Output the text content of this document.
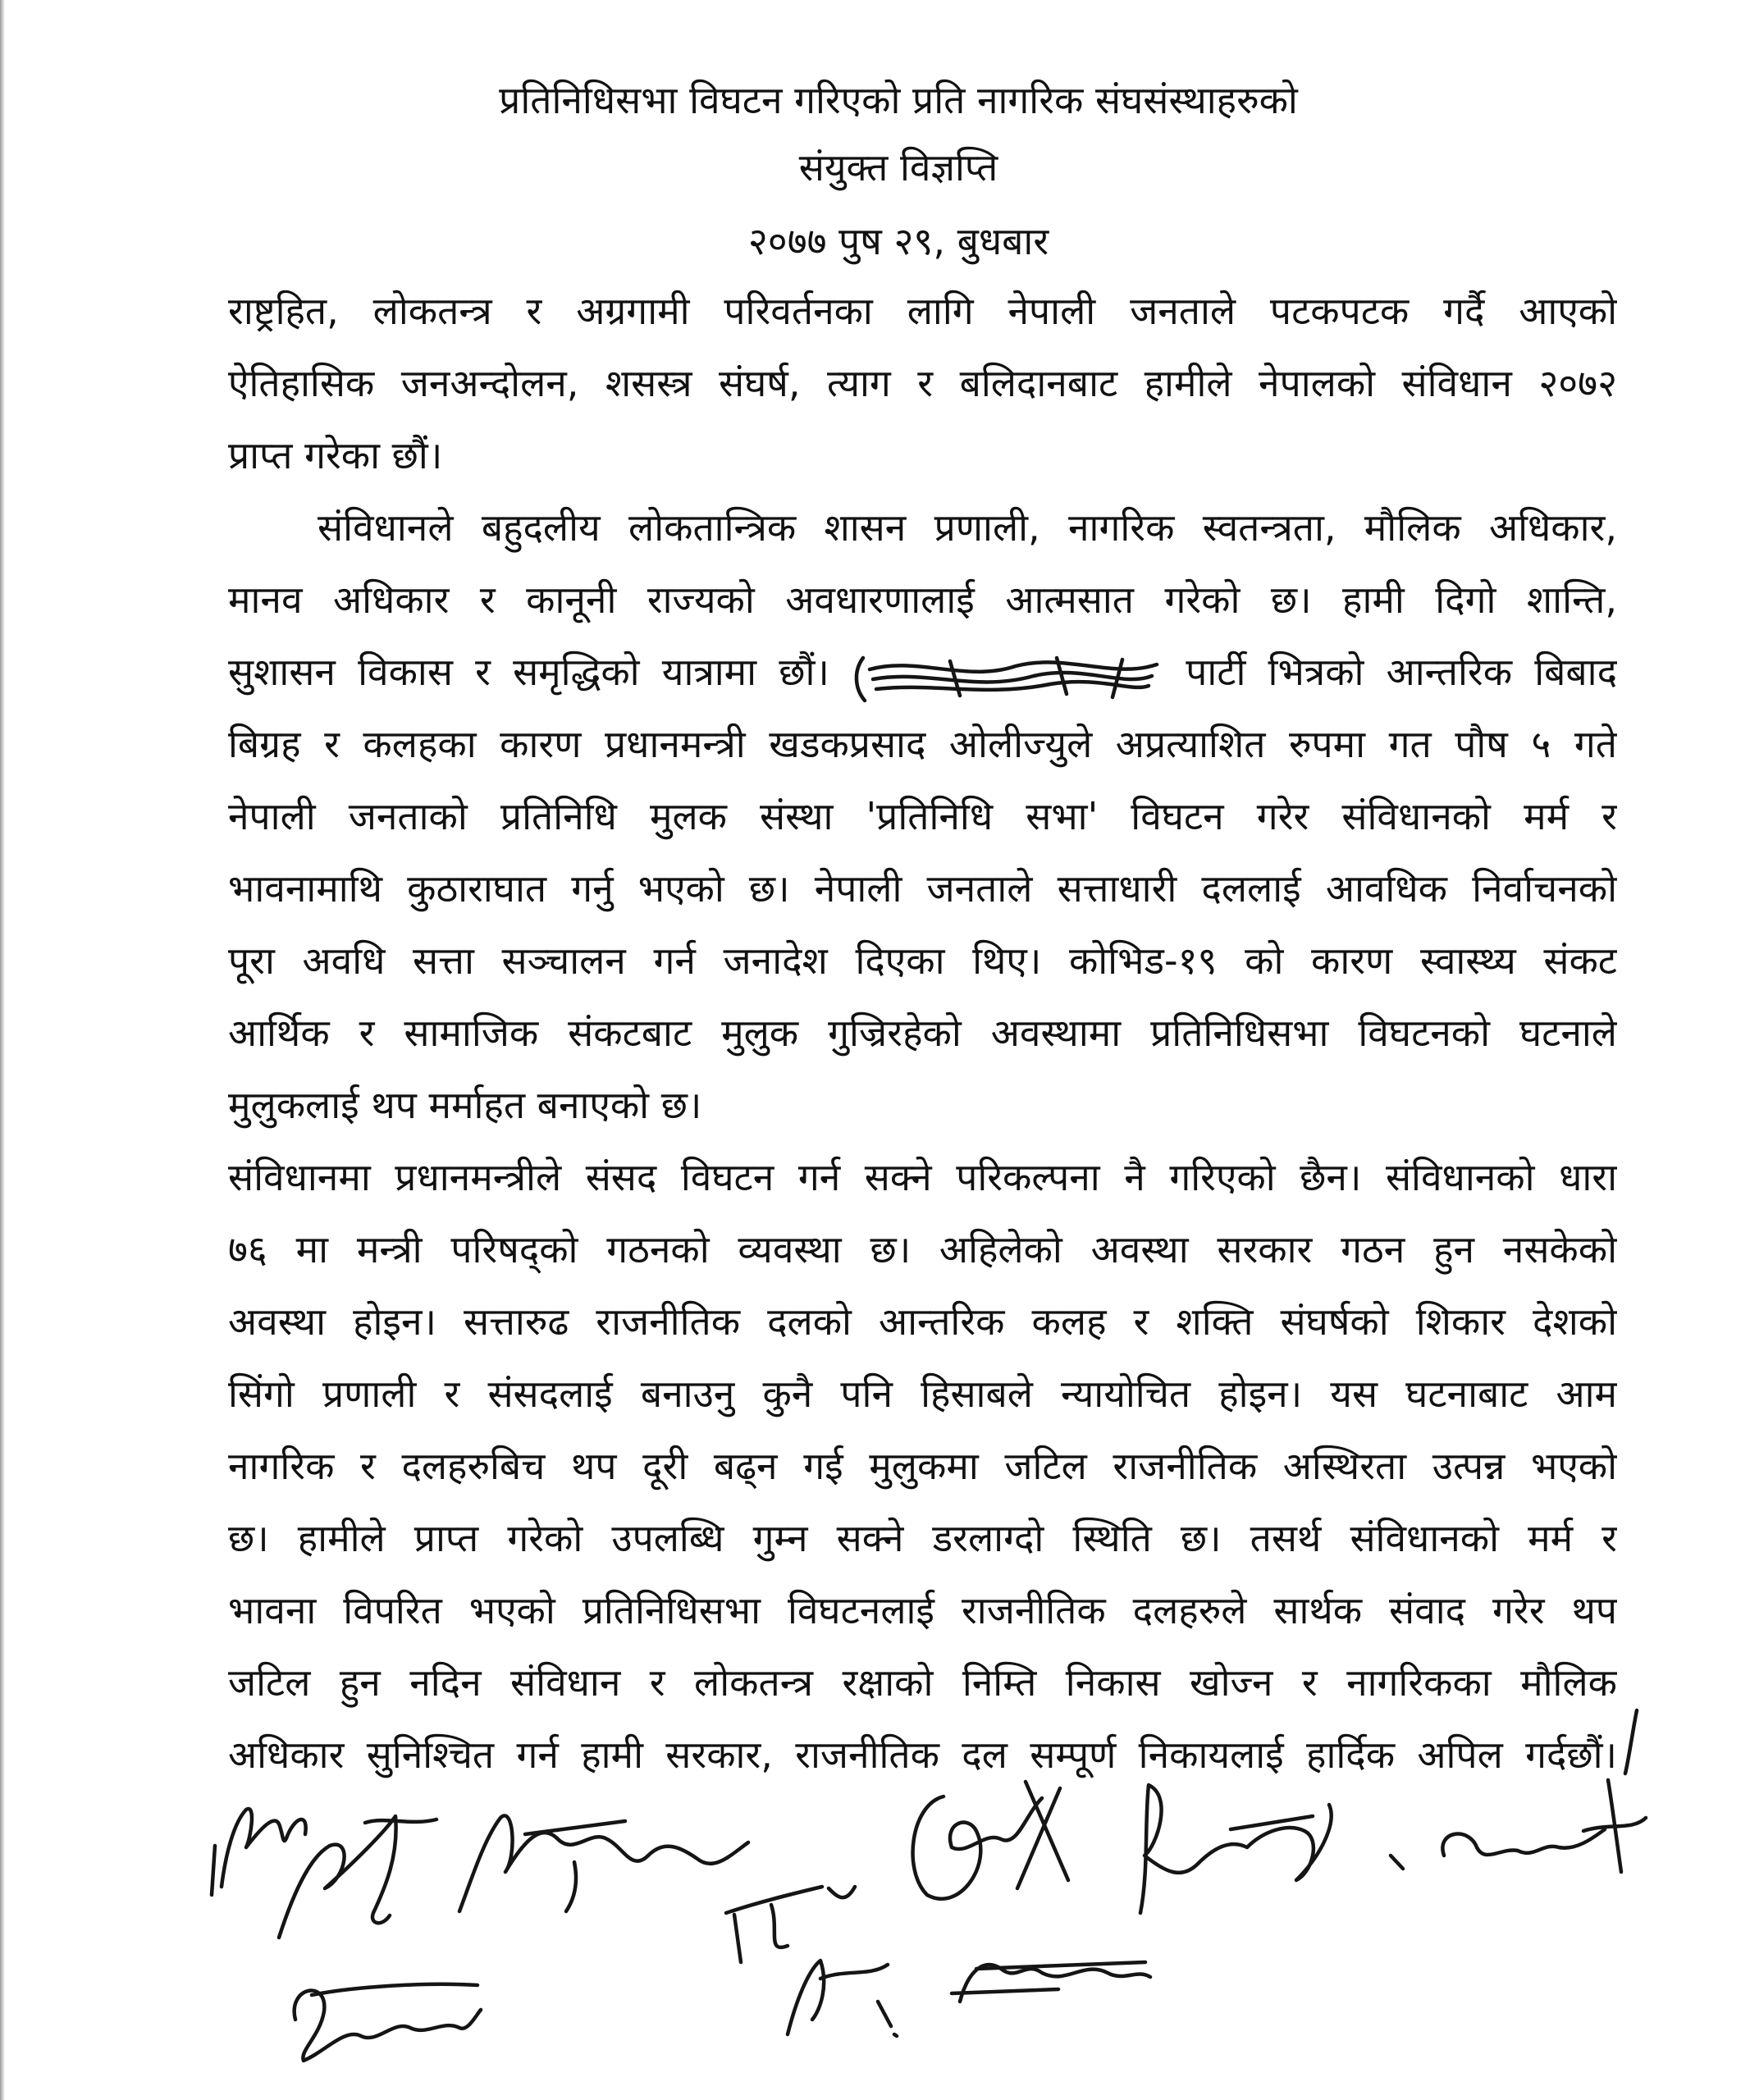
प्रतिनिधिसभा विघटन गरिएको प्रति नागरिक संघसंस्थाहरुको
संयुक्त विज्ञप्ति
२०७७ पुष २९, बुधबार
राष्ट्रहित, लोकतन्त्र र अग्रगामी परिवर्तनका लागि नेपाली जनताले पटकपटक गर्दै आएको
ऐतिहासिक जनअन्दोलन, शसस्त्र संघर्ष, त्याग र बलिदानबाट हामीले नेपालको संविधान २०७२
प्राप्त गरेका छौं।
संविधानले बहुदलीय लोकतान्त्रिक शासन प्रणाली, नागरिक स्वतन्त्रता, मौलिक अधिकार,
मानव अधिकार र कानूनी राज्यको अवधारणालाई आत्मसात गरेको छ। हामी दिगो शान्ति,
सुशासन विकास र समृद्धिको यात्रामा छौं।	पार्टी भित्रको आन्तरिक बिबाद
बिग्रह र कलहका कारण प्रधानमन्त्री खडकप्रसाद ओलीज्युले अप्रत्याशित रुपमा गत पौष ५ गते
नेपाली जनताको प्रतिनिधि मुलक संस्था 'प्रतिनिधि सभा' विघटन गरेर संविधानको मर्म र
भावनामाथि कुठाराघात गर्नु भएको छ। नेपाली जनताले सत्ताधारी दललाई आवधिक निर्वाचनको
पूरा अवधि सत्ता सञ्चालन गर्न जनादेश दिएका थिए। कोभिड-१९ को कारण स्वास्थ्य संकट
आर्थिक र सामाजिक संकटबाट मुलुक गुज्रिरहेको अवस्थामा प्रतिनिधिसभा विघटनको घटनाले
मुलुकलाई थप मर्माहत बनाएको छ।
संविधानमा प्रधानमन्त्रीले संसद विघटन गर्न सक्ने परिकल्पना नै गरिएको छैन। संविधानको धारा
७६ मा मन्त्री परिषद्को गठनको व्यवस्था छ। अहिलेको अवस्था सरकार गठन हुन नसकेको
अवस्था होइन। सत्तारुढ राजनीतिक दलको आन्तरिक कलह र शक्ति संघर्षको शिकार देशको
सिंगो प्रणाली र संसदलाई बनाउनु कुनै पनि हिसाबले न्यायोचित होइन। यस घटनाबाट आम
नागरिक र दलहरुबिच थप दूरी बढ्न गई मुलुकमा जटिल राजनीतिक अस्थिरता उत्पन्न भएको
छ। हामीले प्राप्त गरेको उपलब्धि गुम्न सक्ने डरलाग्दो स्थिति छ। तसर्थ संविधानको मर्म र
भावना विपरित भएको प्रतिनिधिसभा विघटनलाई राजनीतिक दलहरुले सार्थक संवाद गरेर थप
जटिल हुन नदिन संविधान र लोकतन्त्र रक्षाको निम्ति निकास खोज्न र नागरिकका मौलिक
अधिकार सुनिश्चित गर्न हामी सरकार, राजनीतिक दल सम्पूर्ण निकायलाई हार्दिक अपिल गर्दछौं।
